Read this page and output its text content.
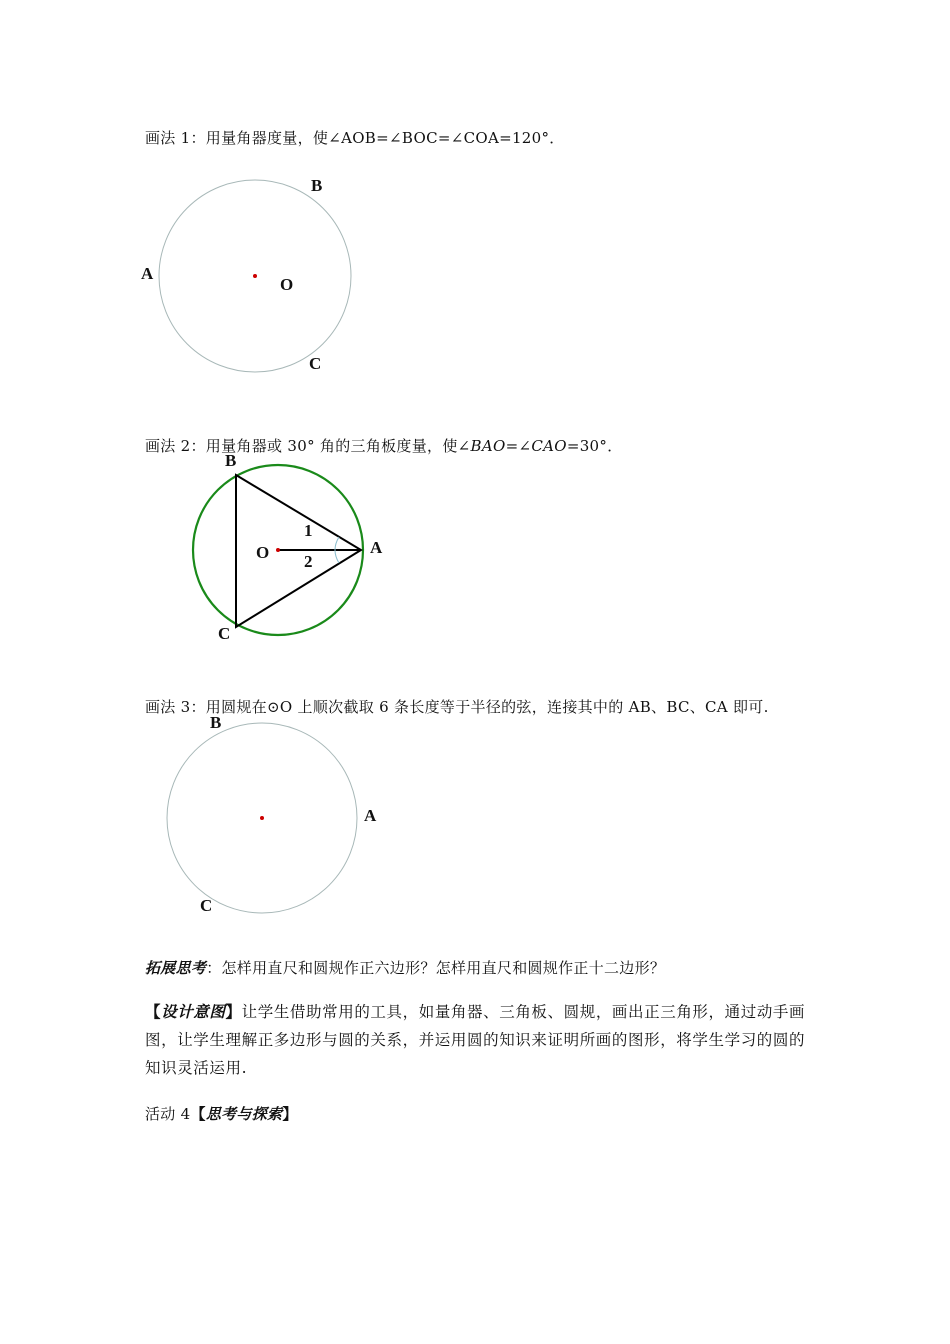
画法 1：用量角器度量，使∠AOB=∠BOC=∠COA=120°．
B
A
O
C
画法 2：用量角器或 30° 角的三角板度量，使∠BAO=∠CAO=30°．
B
A
O
C
1
2
画法 3：用圆规在⊙O 上顺次截取 6 条长度等于半径的弦，连接其中的 AB、BC、CA 即可.
B
A
C
拓展思考：怎样用直尺和圆规作正六边形？怎样用直尺和圆规作正十二边形？
【设计意图】让学生借助常用的工具，如量角器、三角板、圆规，画出正三角形，通过动手画图，让学生理解正多边形与圆的关系，并运用圆的知识来证明所画的图形，将学生学习的圆的知识灵活运用.
活动 4【思考与探索】
